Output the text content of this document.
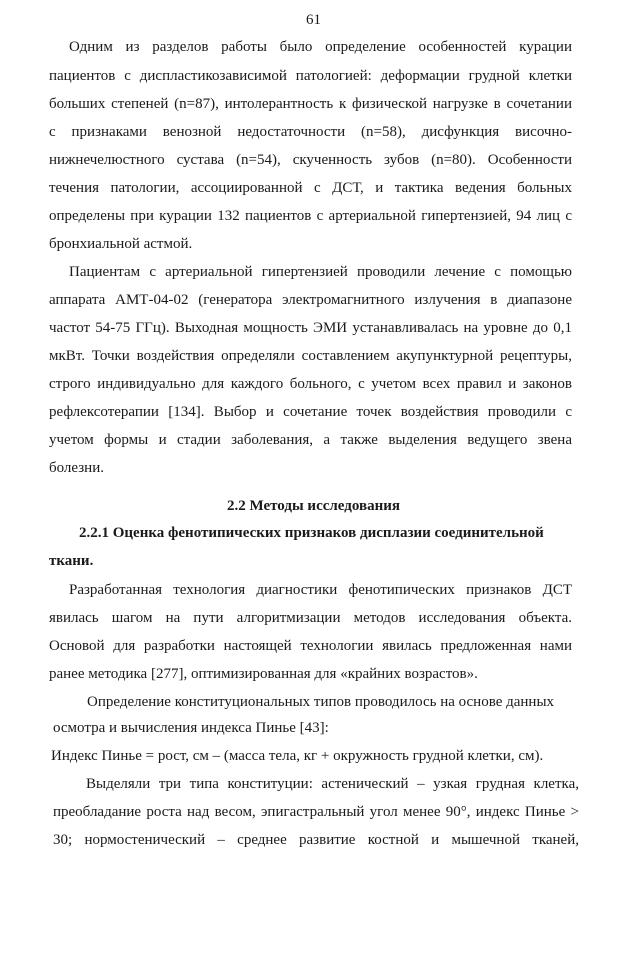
61
Одним из разделов работы было определение особенностей курации
пациентов с диспластикозависимой патологией: деформации грудной клетки
больших степеней (n=87), интолерантность к физической нагрузке в сочетании
с признаками венозной недостаточности (n=58), дисфункция височно-
нижнечелюстного сустава (n=54), скученность зубов (n=80). Особенности
течения патологии, ассоциированной с ДСТ, и тактика ведения больных
определены при курации 132 пациентов с артериальной гипертензией, 94 лиц с
бронхиальной астмой.
Пациентам с артериальной гипертензией проводили лечение с помощью
аппарата АМТ-04-02 (генератора электромагнитного излучения в диапазоне
частот 54-75 ГГц). Выходная мощность ЭМИ устанавливалась на уровне до 0,1
мкВт. Точки воздействия определяли составлением акупунктурной рецептуры,
строго индивидуально для каждого больного, с учетом всех правил и законов
рефлексотерапии [134]. Выбор и сочетание точек воздействия проводили с
учетом формы и стадии заболевания, а также выделения ведущего звена
болезни.
2.2 Методы исследования
2.2.1 Оценка фенотипических признаков дисплазии соединительной
ткани.
Разработанная технология диагностики фенотипических признаков ДСТ
явилась шагом на пути алгоритмизации методов исследования объекта.
Основой для разработки настоящей технологии явилась предложенная нами
ранее методика [277], оптимизированная для «крайних возрастов».
Определение конституциональных типов проводилось на основе данных
осмотра и вычисления индекса Пинье [43]:
Индекс Пинье = рост, см – (масса тела, кг + окружность грудной клетки, см).
Выделяли три типа конституции: астенический – узкая грудная клетка,
преобладание роста над весом, эпигастральный угол менее 90°, индекс Пинье >
30; нормостенический – среднее развитие костной и мышечной тканей,
